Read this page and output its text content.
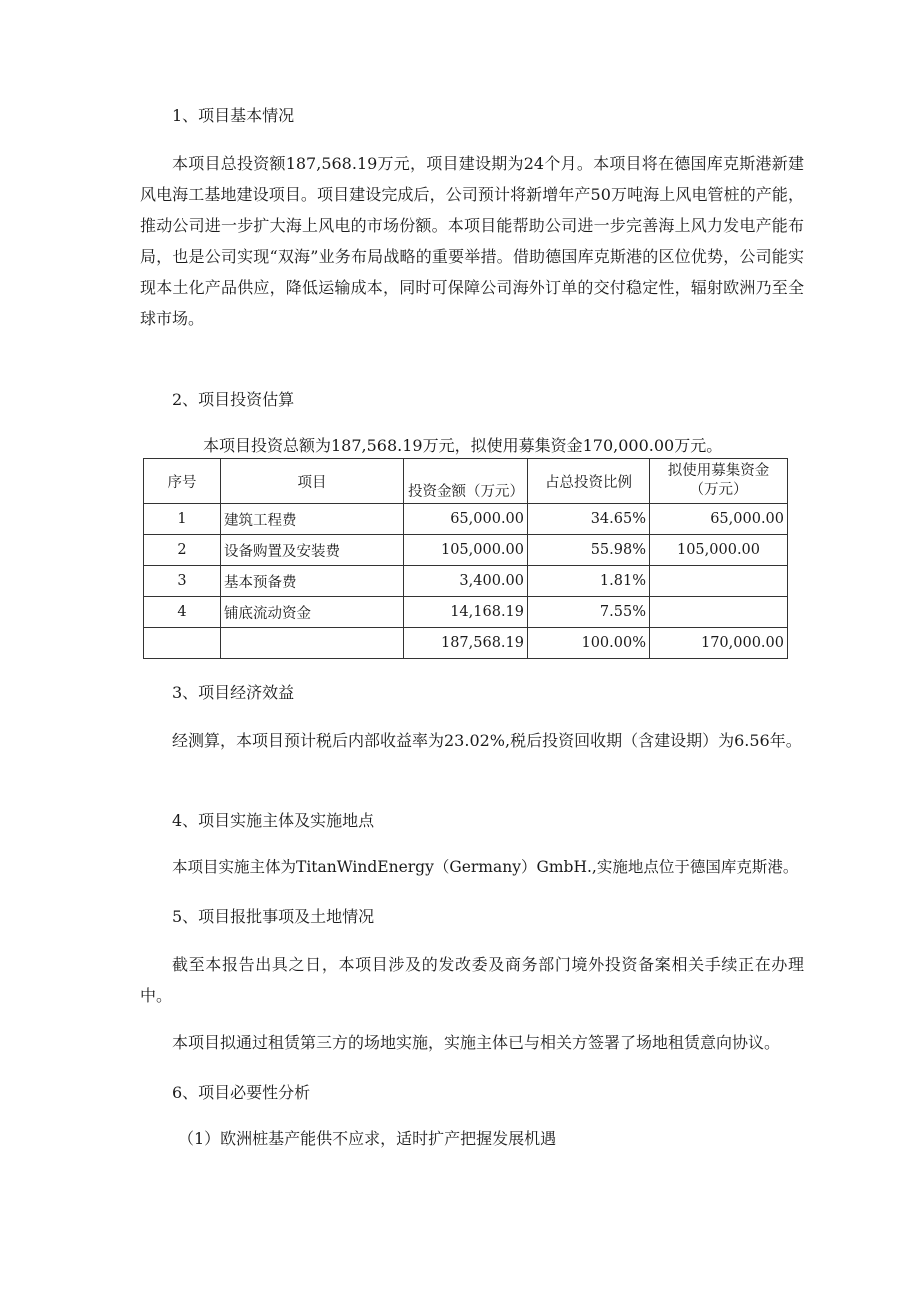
1、项目基本情况

本项目总投资额187,568.19万元，项目建设期为24个月。本项目将在德国库克斯港新建风电海工基地建设项目。项目建设完成后，公司预计将新增年产50万吨海上风电管桩的产能，推动公司进一步扩大海上风电的市场份额。本项目能帮助公司进一步完善海上风力发电产能布局，也是公司实现“双海”业务布局战略的重要举措。借助德国库克斯港的区位优势，公司能实现本土化产品供应，降低运输成本，同时可保障公司海外订单的交付稳定性，辐射欧洲乃至全球市场。

2、项目投资估算
本项目投资总额为187,568.19万元，拟使用募集资金170,000.00万元。
序号	项目	投资金额（万元）	占总投资比例	拟使用募集资金
（万元）

1	建筑工程费	65,000.00	34.65%	65,000.00
2	设备购置及安装费	105,000.00	55.98%	105,000.00
3	基本预备费	3,400.00	1.81%	
4	铺底流动资金	14,168.19	7.55%	
		187,568.19	100.00%	170,000.00
3、项目经济效益

经测算，本项目预计税后内部收益率为23.02%,税后投资回收期（含建设期）为6.56年。

4、项目实施主体及实施地点
本项目实施主体为TitanWindEnergy（Germany）GmbH.,实施地点位于德国库克斯港。
5、项目报批事项及土地情况

截至本报告出具之日，本项目涉及的发改委及商务部门境外投资备案相关手续正在办理中。

本项目拟通过租赁第三方的场地实施，实施主体已与相关方签署了场地租赁意向协议。
6、项目必要性分析
（1）欧洲桩基产能供不应求，适时扩产把握发展机遇
